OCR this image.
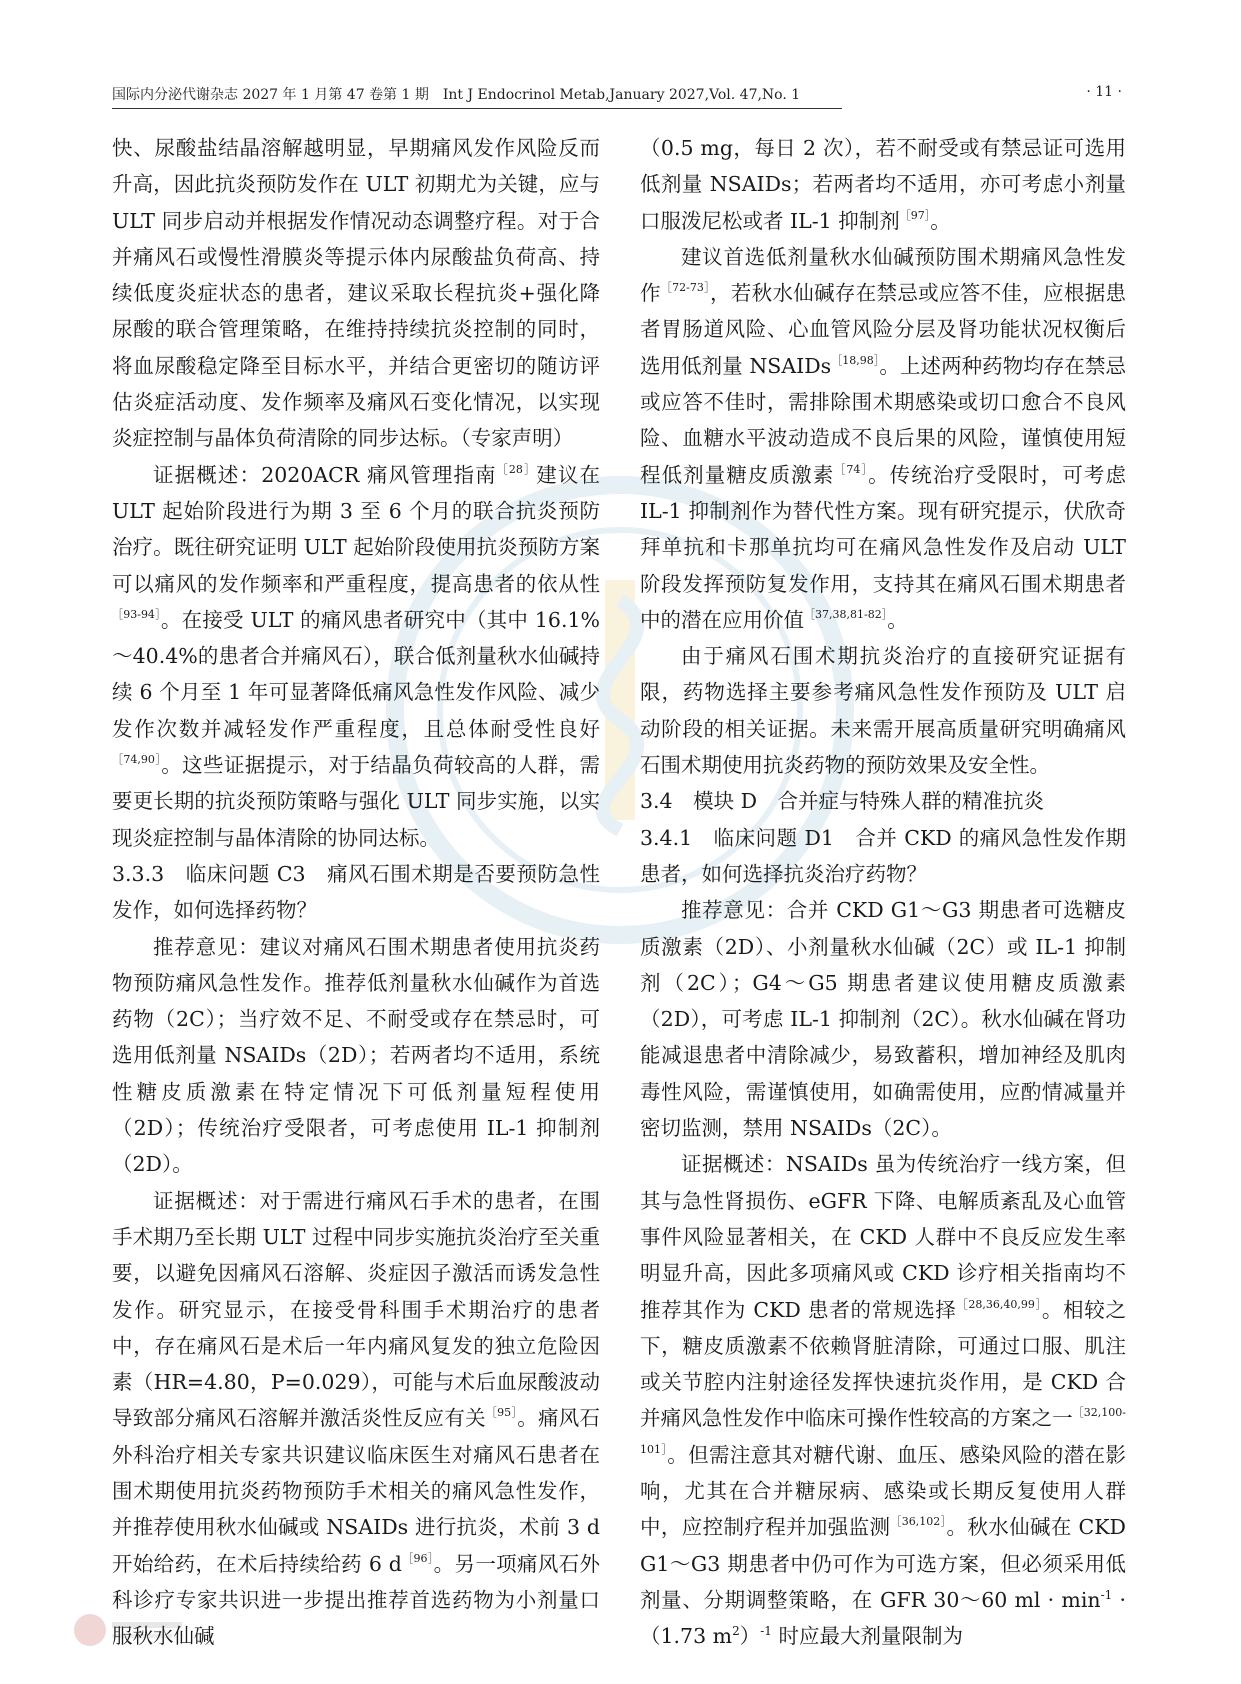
国际内分泌代谢杂志 2027 年 1 月第 47 卷第 1 期　Int J Endocrinol Metab,January 2027,Vol. 47,No. 1	· 11 ·

快、尿酸盐结晶溶解越明显，早期痛风发作风险反而升高，因此抗炎预防发作在 ULT 初期尤为关键，应与 ULT 同步启动并根据发作情况动态调整疗程。对于合并痛风石或慢性滑膜炎等提示体内尿酸盐负荷高、持续低度炎症状态的患者，建议采取长程抗炎+强化降尿酸的联合管理策略，在维持持续抗炎控制的同时，将血尿酸稳定降至目标水平，并结合更密切的随访评估炎症活动度、发作频率及痛风石变化情况，以实现炎症控制与晶体负荷清除的同步达标。（专家声明）

证据概述：2020ACR 痛风管理指南$^{[28]}$建议在 ULT 起始阶段进行为期 3 至 6 个月的联合抗炎预防治疗。既往研究证明 ULT 起始阶段使用抗炎预防方案可以痛风的发作频率和严重程度，提高患者的依从性$^{[93-94]}$。在接受 ULT 的痛风患者研究中（其中 16.1%～40.4%的患者合并痛风石），联合低剂量秋水仙碱持续 6 个月至 1 年可显著降低痛风急性发作风险、减少发作次数并减轻发作严重程度，且总体耐受性良好$^{[74,90]}$。这些证据提示，对于结晶负荷较高的人群，需要更长期的抗炎预防策略与强化 ULT 同步实施，以实现炎症控制与晶体清除的协同达标。

3.3.3　临床问题 C3　痛风石围术期是否要预防急性发作，如何选择药物？

推荐意见：建议对痛风石围术期患者使用抗炎药物预防痛风急性发作。推荐低剂量秋水仙碱作为首选药物（2C）；当疗效不足、不耐受或存在禁忌时，可选用低剂量 NSAIDs（2D）；若两者均不适用，系统性糖皮质激素在特定情况下可低剂量短程使用（2D）；传统治疗受限者，可考虑使用 IL-1 抑制剂（2D）。

证据概述：对于需进行痛风石手术的患者，在围手术期乃至长期 ULT 过程中同步实施抗炎治疗至关重要，以避免因痛风石溶解、炎症因子激活而诱发急性发作。研究显示，在接受骨科围手术期治疗的患者中，存在痛风石是术后一年内痛风复发的独立危险因素（HR=4.80，P=0.029），可能与术后血尿酸波动导致部分痛风石溶解并激活炎性反应有关$^{[95]}$。痛风石外科治疗相关专家共识建议临床医生对痛风石患者在围术期使用抗炎药物预防手术相关的痛风急性发作，并推荐使用秋水仙碱或 NSAIDs 进行抗炎，术前 3 d 开始给药，在术后持续给药 6 d$^{[96]}$。另一项痛风石外科诊疗专家共识进一步提出推荐首选药物为小剂量口服秋水仙碱

（0.5 mg，每日 2 次），若不耐受或有禁忌证可选用低剂量 NSAIDs；若两者均不适用，亦可考虑小剂量口服泼尼松或者 IL-1 抑制剂$^{[97]}$。

建议首选低剂量秋水仙碱预防围术期痛风急性发作$^{[72-73]}$，若秋水仙碱存在禁忌或应答不佳，应根据患者胃肠道风险、心血管风险分层及肾功能状况权衡后选用低剂量 NSAIDs$^{[18,98]}$。上述两种药物均存在禁忌或应答不佳时，需排除围术期感染或切口愈合不良风险、血糖水平波动造成不良后果的风险，谨慎使用短程低剂量糖皮质激素$^{[74]}$。传统治疗受限时，可考虑 IL-1 抑制剂作为替代性方案。现有研究提示，伏欣奇拜单抗和卡那单抗均可在痛风急性发作及启动 ULT 阶段发挥预防复发作用，支持其在痛风石围术期患者中的潜在应用价值$^{[37,38,81-82]}$。

由于痛风石围术期抗炎治疗的直接研究证据有限，药物选择主要参考痛风急性发作预防及 ULT 启动阶段的相关证据。未来需开展高质量研究明确痛风石围术期使用抗炎药物的预防效果及安全性。

3.4　模块 D　合并症与特殊人群的精准抗炎

3.4.1　临床问题 D1　合并 CKD 的痛风急性发作期患者，如何选择抗炎治疗药物？

推荐意见：合并 CKD G1～G3 期患者可选糖皮质激素（2D）、小剂量秋水仙碱（2C）或 IL-1 抑制剂（2C）；G4～G5 期患者建议使用糖皮质激素（2D），可考虑 IL-1 抑制剂（2C）。秋水仙碱在肾功能减退患者中清除减少，易致蓄积，增加神经及肌肉毒性风险，需谨慎使用，如确需使用，应酌情减量并密切监测，禁用 NSAIDs（2C）。

证据概述：NSAIDs 虽为传统治疗一线方案，但其与急性肾损伤、eGFR 下降、电解质紊乱及心血管事件风险显著相关，在 CKD 人群中不良反应发生率明显升高，因此多项痛风或 CKD 诊疗相关指南均不推荐其作为 CKD 患者的常规选择$^{[28,36,40,99]}$。相较之下，糖皮质激素不依赖肾脏清除，可通过口服、肌注或关节腔内注射途径发挥快速抗炎作用，是 CKD 合并痛风急性发作中临床可操作性较高的方案之一$^{[32,100-101]}$。但需注意其对糖代谢、血压、感染风险的潜在影响，尤其在合并糖尿病、感染或长期反复使用人群中，应控制疗程并加强监测$^{[36,102]}$。秋水仙碱在 CKD G1～G3 期患者中仍可作为可选方案，但必须采用低剂量、分期调整策略，在 GFR 30～60 ml · $\min^{-1} \cdot(1.73$ $m^2)^{-1}$ 时应最大剂量限制为
